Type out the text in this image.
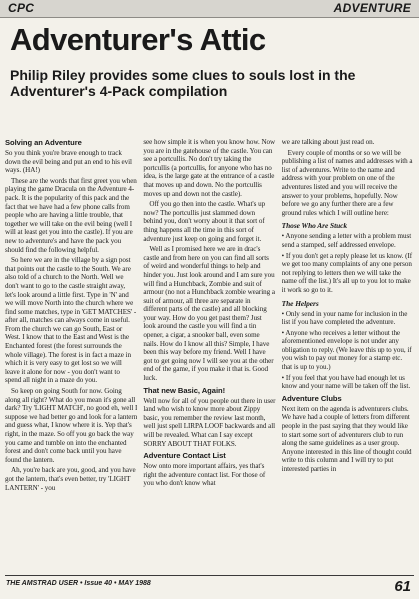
CPC	ADVENTURE
Adventurer's Attic
Philip Riley provides some clues to souls lost in the Adventurer's 4-Pack compilation
Solving an Adventure

So you think you're brave enough to track down the evil being and put an end to his evil ways. (HA!)

These are the words that first greet you when playing the game Dracula on the Adventure 4-pack. It is the popularity of this pack and the fact that we have had a few phone calls from people who are having a little trouble, that together we will take on the evil being (well I will at least get you into the castle). If you are new to adventure's and have the pack you should find the following helpful.

So here we are in the village by a sign post that points out the castle to the South. We are also told of a church to the North. Well we don't want to go to the castle straight away, let's look around a little first. Type in 'N' and we will move North into the church where we find some matches, type in 'GET MATCHES' - after all, matches can always come in useful. From the church we can go South, East or West. I know that to the East and West is the Enchanted forest (the forest surrounds the whole village). The forest is in fact a maze in which it is very easy to get lost so we will leave it alone for now - you don't want to spend all night in a maze do you.

So keep on going South for now. Going along all right? What do you mean it's gone all dark? Try 'LIGHT MATCH', no good eh, well I suppose we had better go and look for a lantern and guess what, I know where it is. Yep that's right, in the maze. So off you go back the way you came and tumble on into the enchanted forest and don't come back until you have found the lantern.

Ah, you're back are you, good, and you have got the lantern, that's even better, try 'LIGHT LANTERN' - you

see how simple it is when you know how. Now you are in the gatehouse of the castle. You can see a portcullis. No don't try taking the portcullis (a portcullis, for anyone who has no idea, is the large gate at the entrance of a castle that moves up and down. No the portcullis moves up and down not the castle).

Off you go then into the castle. What's up now? The portcullis just slammed down behind you, don't worry about it that sort of thing happens all the time in this sort of adventure just keep on going and forget it.

Well as I promised here we are in drac's castle and from here on you can find all sorts of weird and wonderful things to help and hinder you. Just look around and I am sure you will find a Hunchback, Zombie and suit of armour (no not a Hunchback zombie wearing a suit of armour, all three are separate in different parts of the castle) and all blocking your way. How do you get past them? Just look around the castle you will find a tin opener, a cigar, a snooker ball, even some nails. How do I know all this? Simple, I have been this way before my friend. Well I have got to get going now I will see you at the other end of the game, if you make it that is. Good luck.

That new Basic, Again!

Well now for all of you people out there in user land who wish to know more about Zippy basic, you remember the review last month, well just spell LIRPA LOOF backwards and all will be revealed. What can I say except SORRY ABOUT THAT FOLKS.

Adventure Contact List

Now onto more important affairs, yes that's right the adventure contact list. For those of you who don't know what

we are talking about just read on.

Every couple of months or so we will be publishing a list of names and addresses with a list of adventures. Write to the name and address with your problem on one of the adventures listed and you will receive the answer to your problems, hopefully. Now before we go any further there are a few ground rules which I will outline here:

Those Who Are Stuck

• Anyone sending a letter with a problem must send a stamped, self addressed envelope.

• If you don't get a reply please let us know. (If we get too many complaints of any one person not replying to letters then we will take the name off the list.) It's all up to you lot to make it work so go to it.

The Helpers

• Only send in your name for inclusion in the list if you have completed the adventure.

• Anyone who receives a letter without the aforementioned envelope is not under any obligation to reply. (We leave this up to you, if you wish to pay out money for a stamp etc. that is up to you.)

• If you feel that you have had enough let us know and your name will be taken off the list.

Adventure Clubs

Next item on the agenda is adventurers clubs. We have had a couple of letters from different people in the past saying that they would like to start some sort of adventurers club to run along the same guidelines as a user group. Anyone interested in this line of thought could write to this column and I will try to put interested parties in

THE AMSTRAD USER • Issue 40 • MAY 1988	61
